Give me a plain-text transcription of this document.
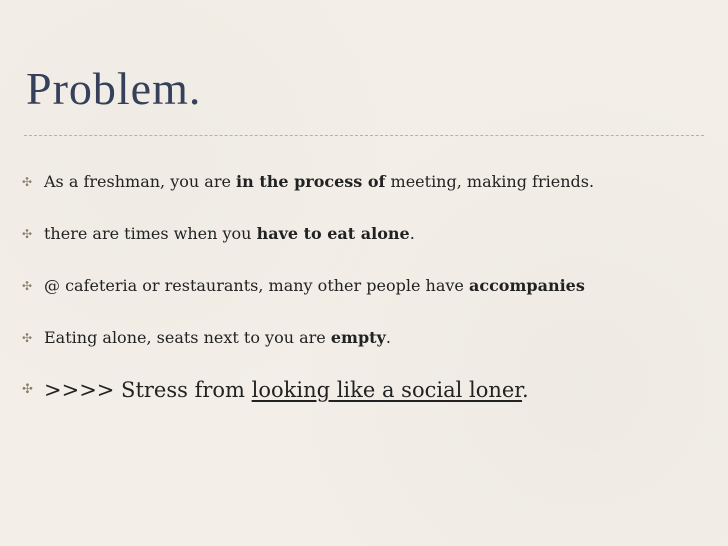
Problem.
✣ As a freshman, you are in the process of meeting, making friends.
✣ there are times when you have to eat alone.
✣ @ cafeteria or restaurants, many other people have accompanies
✣ Eating alone, seats next to you are empty.
✣ >>>> Stress from looking like a social loner.
